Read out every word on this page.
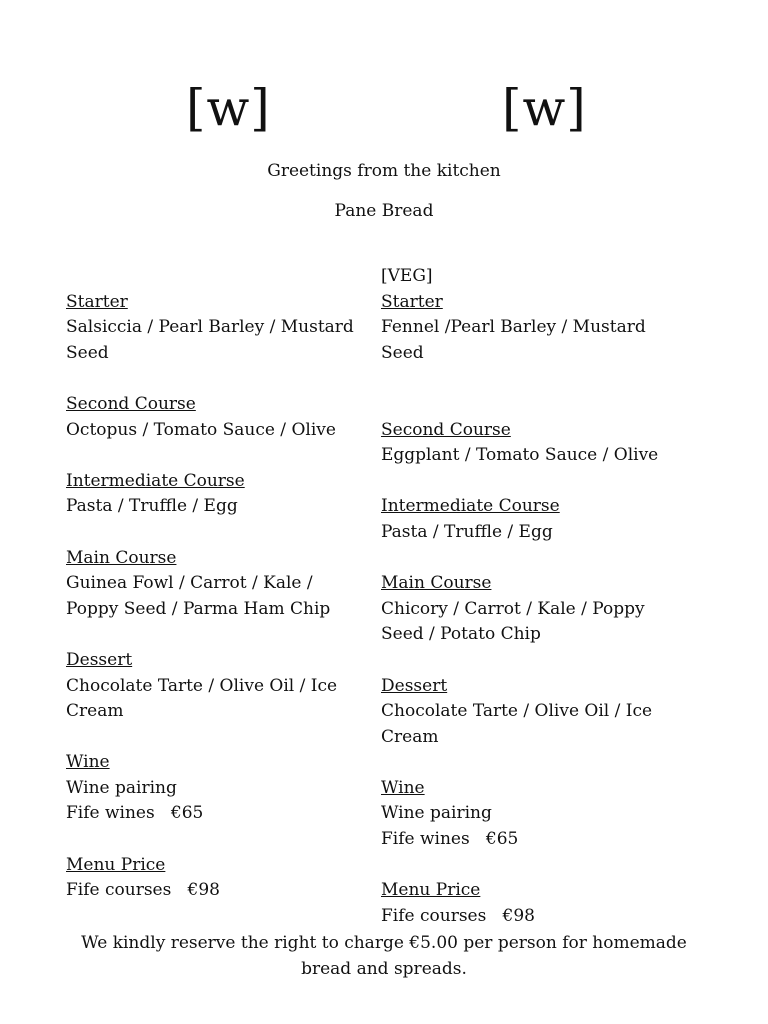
[w]	[w]
Greetings from the kitchen
Pane Bread
Starter
Salsiccia / Pearl Barley / Mustard Seed
Second Course
Octopus / Tomato Sauce / Olive
Intermediate Course
Pasta / Truffle / Egg
Main Course
Guinea Fowl / Carrot / Kale / Poppy Seed / Parma Ham Chip
Dessert
Chocolate Tarte / Olive Oil / Ice Cream
Wine
Wine pairing
Fife wines   €65
Menu Price
Fife courses   €98
[VEG]
Starter
Fennel /Pearl Barley / Mustard Seed
Second Course
Eggplant / Tomato Sauce / Olive
Intermediate Course
Pasta / Truffle / Egg
Main Course
Chicory / Carrot / Kale / Poppy Seed / Potato Chip
Dessert
Chocolate Tarte / Olive Oil / Ice Cream
Wine
Wine pairing
Fife wines   €65
Menu Price
Fife courses   €98
We kindly reserve the right to charge €5.00 per person for homemade bread and spreads.
